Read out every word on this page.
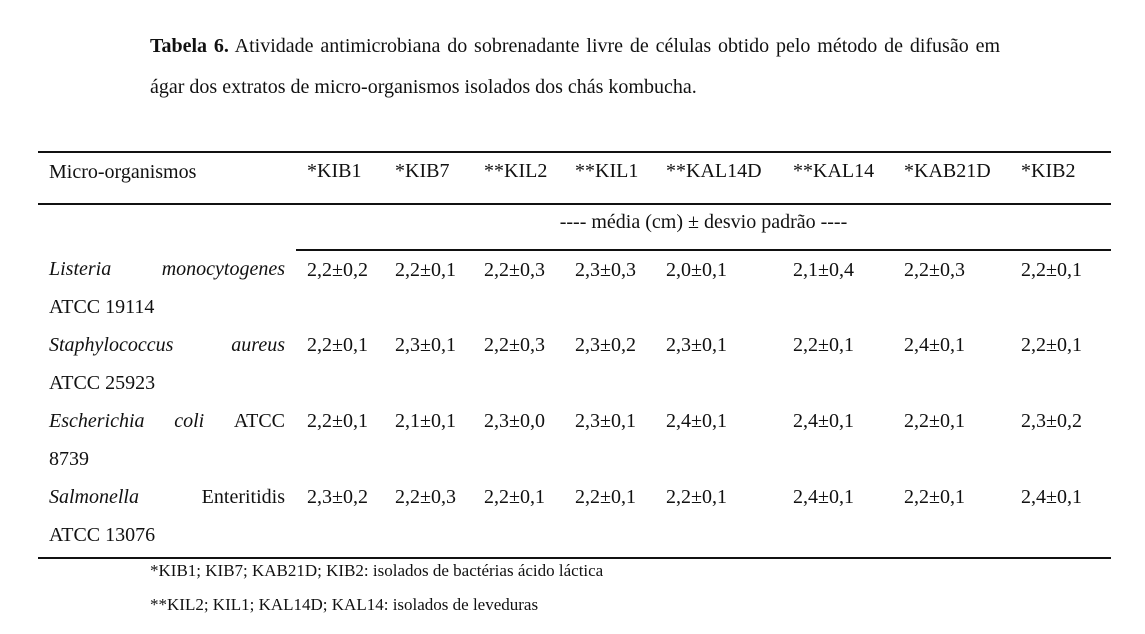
Tabela 6. Atividade antimicrobiana do sobrenadante livre de células obtido pelo método de difusão em ágar dos extratos de micro-organismos isolados dos chás kombucha.
Micro-organismos	*KIB1	*KIB7	**KIL2	**KIL1	**KAL14D	**KAL14	*KAB21D	*KIB2
	---- média (cm) ± desvio padrão ----							

Listeria monocytogenes
ATCC 19114	2,2±0,2	2,2±0,1	2,2±0,3	2,3±0,3	2,0±0,1	2,1±0,4	2,2±0,3	2,2±0,1

Staphylococcus aureus
ATCC 25923	2,2±0,1	2,3±0,1	2,2±0,3	2,3±0,2	2,3±0,1	2,2±0,1	2,4±0,1	2,2±0,1

Escherichia coli ATCC
8739	2,2±0,1	2,1±0,1	2,3±0,0	2,3±0,1	2,4±0,1	2,4±0,1	2,2±0,1	2,3±0,2

Salmonella Enteritidis
ATCC 13076	2,3±0,2	2,2±0,3	2,2±0,1	2,2±0,1	2,2±0,1	2,4±0,1	2,2±0,1	2,4±0,1
*KIB1; KIB7; KAB21D; KIB2: isolados de bactérias ácido láctica
**KIL2; KIL1; KAL14D; KAL14: isolados de leveduras
